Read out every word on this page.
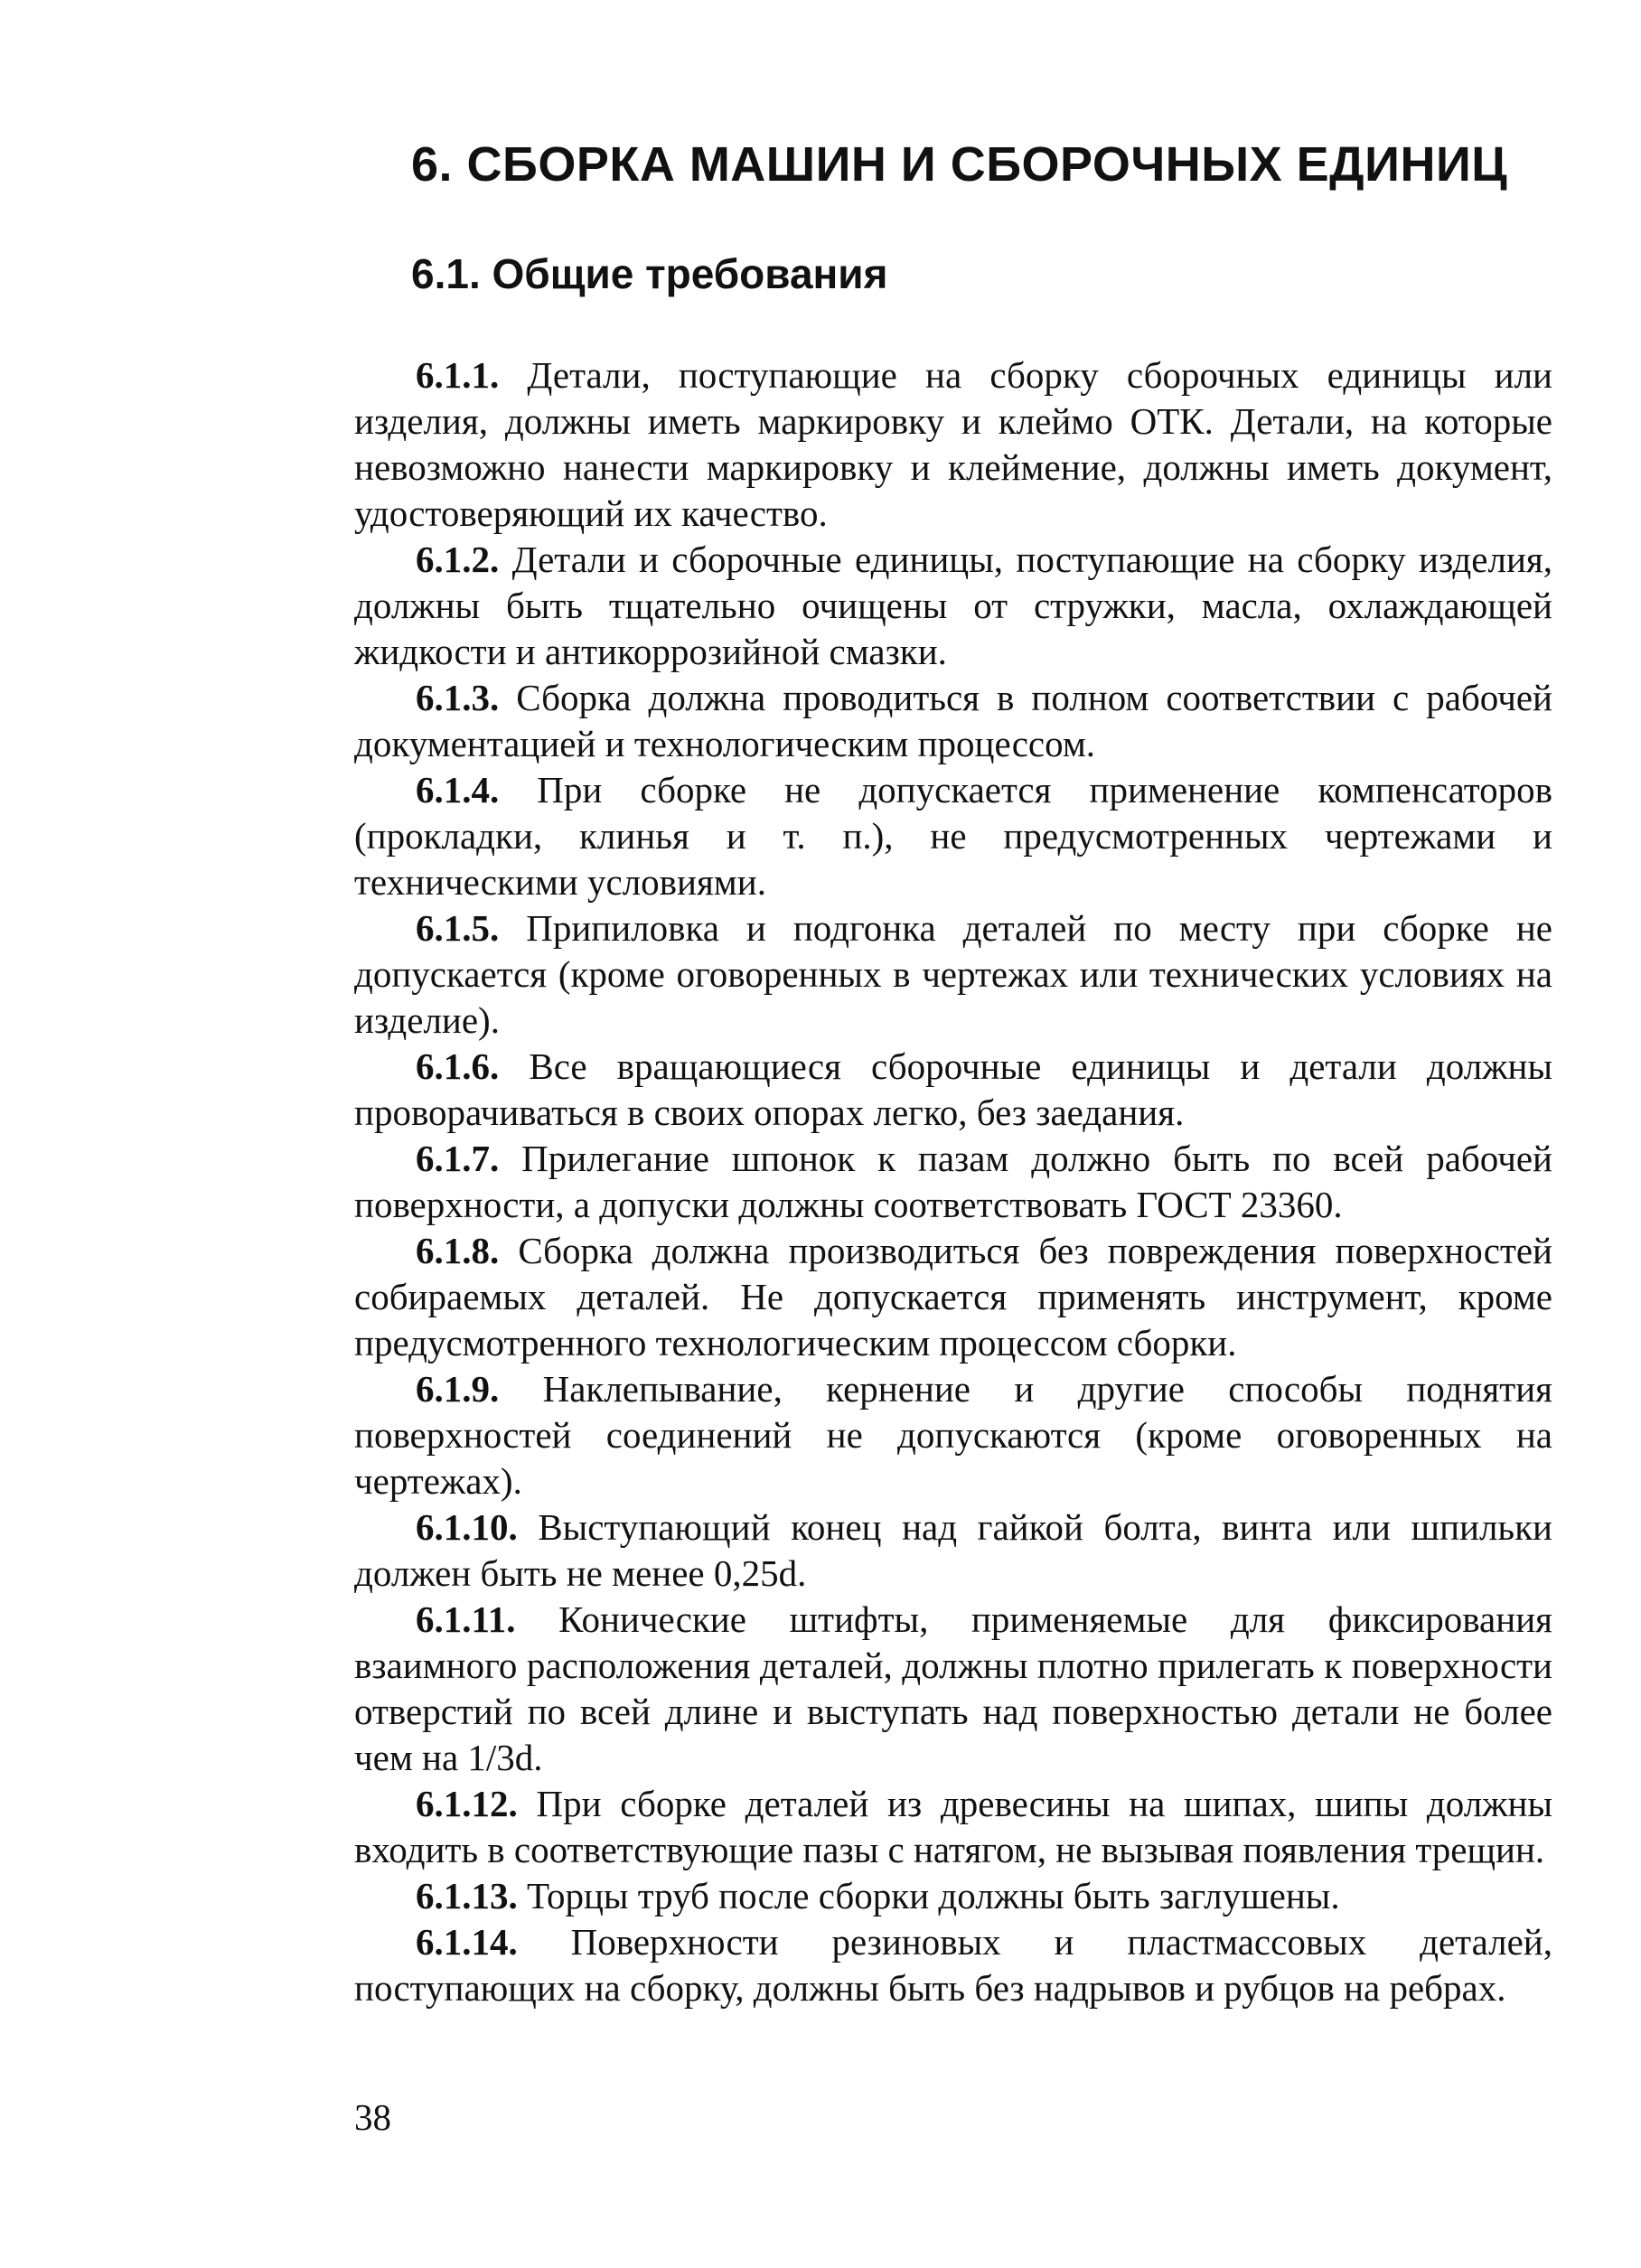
6. СБОРКА МАШИН И СБОРОЧНЫХ ЕДИНИЦ
6.1. Общие требования

6.1.1. Детали, поступающие на сборку сборочных единицы или изделия, должны иметь маркировку и клеймо ОТК. Детали, на которые невозможно нанести маркировку и клеймение, должны иметь документ, удостоверяющий их качество.

6.1.2. Детали и сборочные единицы, поступающие на сборку изделия, должны быть тщательно очищены от стружки, масла, охлаждающей жидкости и антикоррозийной смазки.

6.1.3. Сборка должна проводиться в полном соответствии с рабочей документацией и технологическим процессом.

6.1.4. При сборке не допускается применение компенсаторов (прокладки, клинья и т. п.), не предусмотренных чертежами и техническими условиями.

6.1.5. Припиловка и подгонка деталей по месту при сборке не допускается (кроме оговоренных в чертежах или технических условиях на изделие).

6.1.6. Все вращающиеся сборочные единицы и детали должны проворачиваться в своих опорах легко, без заедания.

6.1.7. Прилегание шпонок к пазам должно быть по всей рабочей поверхности, а допуски должны соответствовать ГОСТ 23360.

6.1.8. Сборка должна производиться без повреждения поверхностей собираемых деталей. Не допускается применять инструмент, кроме предусмотренного технологическим процессом сборки.

6.1.9. Наклепывание, кернение и другие способы поднятия поверхностей соединений не допускаются (кроме оговоренных на чертежах).

6.1.10. Выступающий конец над гайкой болта, винта или шпильки должен быть не менее 0,25d.

6.1.11. Конические штифты, применяемые для фиксирования взаимного расположения деталей, должны плотно прилегать к поверхности отверстий по всей длине и выступать над поверхностью детали не более чем на 1/3d.

6.1.12. При сборке деталей из древесины на шипах, шипы должны входить в соответствующие пазы с натягом, не вызывая появления трещин.

6.1.13. Торцы труб после сборки должны быть заглушены.

6.1.14. Поверхности резиновых и пластмассовых деталей, поступающих на сборку, должны быть без надрывов и рубцов на ребрах.

38
